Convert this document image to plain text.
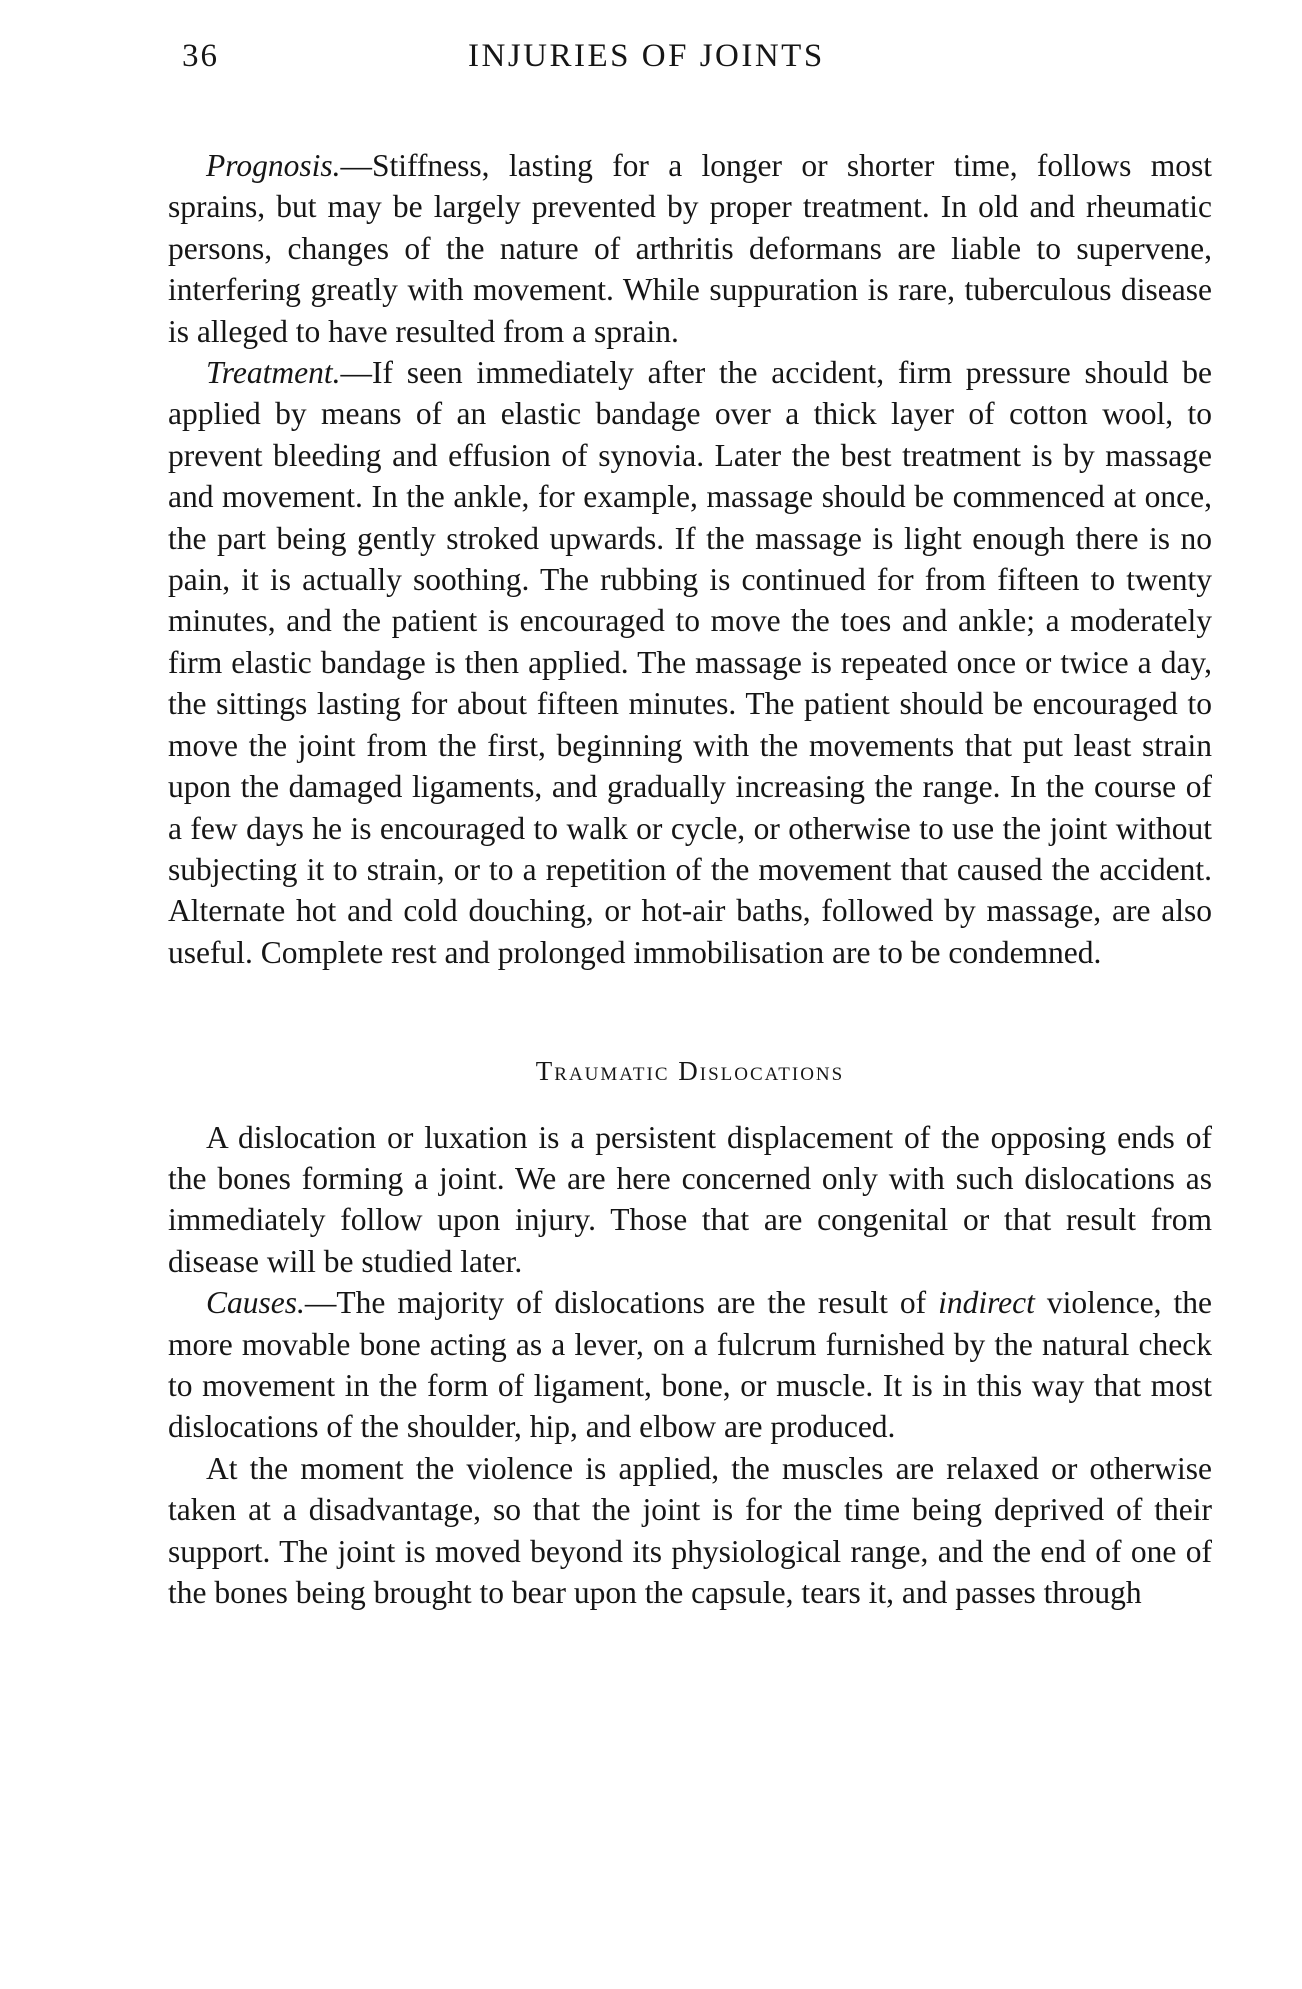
36	INJURIES OF JOINTS

Prognosis.—Stiffness, lasting for a longer or shorter time, follows most sprains, but may be largely prevented by proper treatment. In old and rheumatic persons, changes of the nature of arthritis deformans are liable to supervene, interfering greatly with movement. While suppuration is rare, tuberculous disease is alleged to have resulted from a sprain.

Treatment.—If seen immediately after the accident, firm pressure should be applied by means of an elastic bandage over a thick layer of cotton wool, to prevent bleeding and effusion of synovia. Later the best treatment is by massage and movement. In the ankle, for example, massage should be commenced at once, the part being gently stroked upwards. If the massage is light enough there is no pain, it is actually soothing. The rubbing is continued for from fifteen to twenty minutes, and the patient is encouraged to move the toes and ankle; a moderately firm elastic bandage is then applied. The massage is repeated once or twice a day, the sittings lasting for about fifteen minutes. The patient should be encouraged to move the joint from the first, beginning with the movements that put least strain upon the damaged ligaments, and gradually increasing the range. In the course of a few days he is encouraged to walk or cycle, or otherwise to use the joint without subjecting it to strain, or to a repetition of the movement that caused the accident. Alternate hot and cold douching, or hot-air baths, followed by massage, are also useful. Complete rest and prolonged immobilisation are to be condemned.

Traumatic Dislocations

A dislocation or luxation is a persistent displacement of the opposing ends of the bones forming a joint. We are here concerned only with such dislocations as immediately follow upon injury. Those that are congenital or that result from disease will be studied later.

Causes.—The majority of dislocations are the result of indirect violence, the more movable bone acting as a lever, on a fulcrum furnished by the natural check to movement in the form of ligament, bone, or muscle. It is in this way that most dislocations of the shoulder, hip, and elbow are produced.

At the moment the violence is applied, the muscles are relaxed or otherwise taken at a disadvantage, so that the joint is for the time being deprived of their support. The joint is moved beyond its physiological range, and the end of one of the bones being brought to bear upon the capsule, tears it, and passes through
